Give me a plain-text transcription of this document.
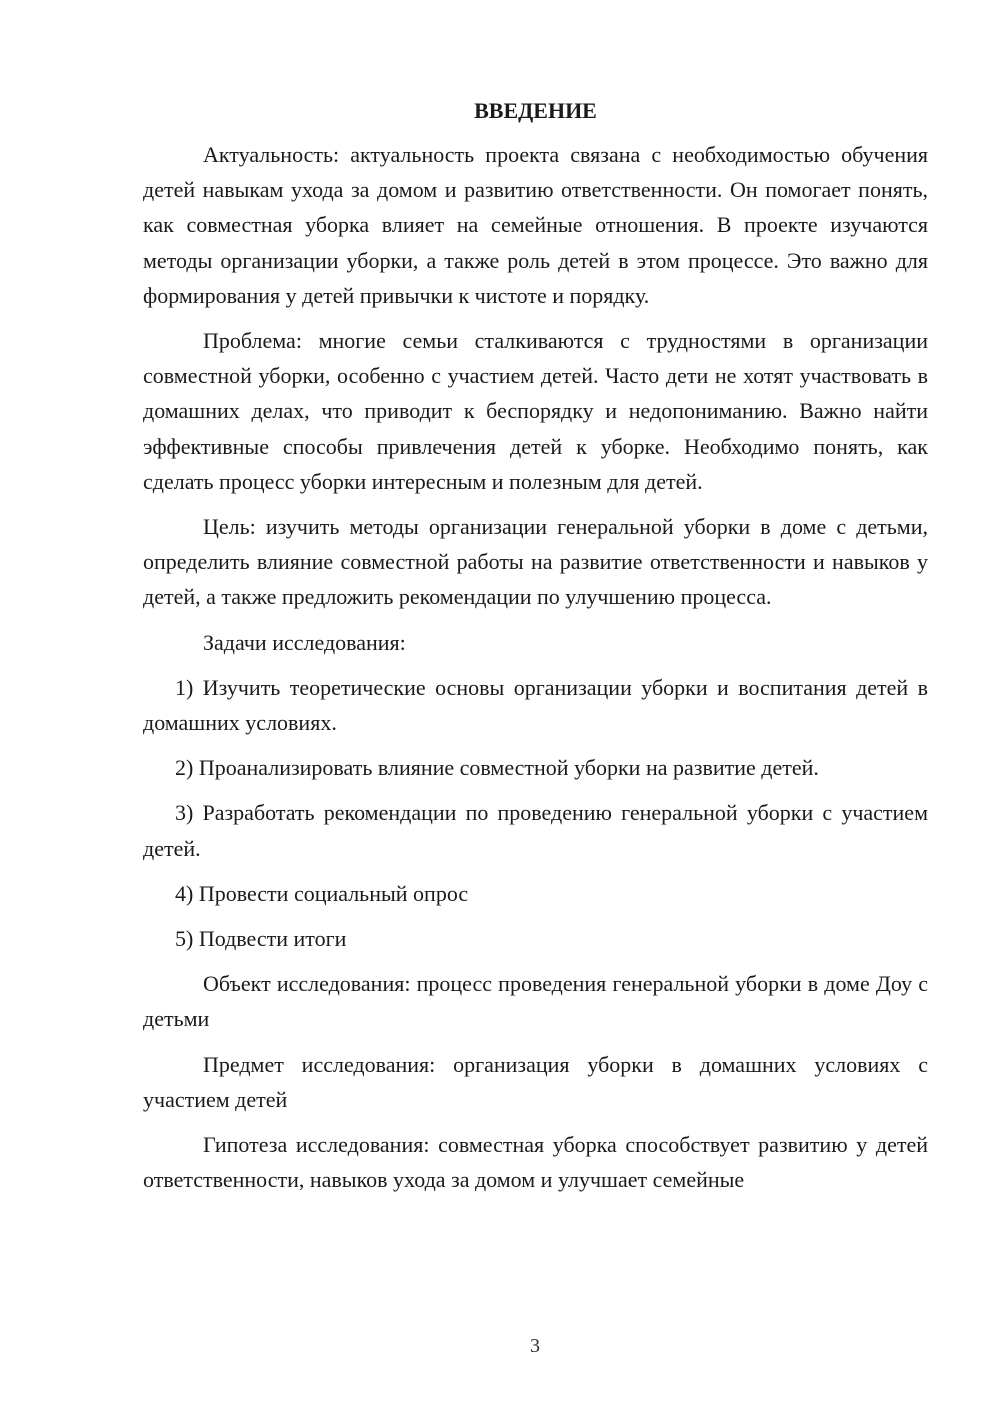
ВВЕДЕНИЕ

Актуальность: актуальность проекта связана с необходимостью обучения детей навыкам ухода за домом и развитию ответственности. Он помогает понять, как совместная уборка влияет на семейные отношения. В проекте изучаются методы организации уборки, а также роль детей в этом процессе. Это важно для формирования у детей привычки к чистоте и порядку.

Проблема: многие семьи сталкиваются с трудностями в организации совместной уборки, особенно с участием детей. Часто дети не хотят участвовать в домашних делах, что приводит к беспорядку и недопониманию. Важно найти эффективные способы привлечения детей к уборке. Необходимо понять, как сделать процесс уборки интересным и полезным для детей.

Цель: изучить методы организации генеральной уборки в доме с детьми, определить влияние совместной работы на развитие ответственности и навыков у детей, а также предложить рекомендации по улучшению процесса.

Задачи исследования:

1) Изучить теоретические основы организации уборки и воспитания детей в домашних условиях.

2) Проанализировать влияние совместной уборки на развитие детей.

3) Разработать рекомендации по проведению генеральной уборки с участием детей.

4) Провести социальный опрос

5) Подвести итоги

Объект исследования: процесс проведения генеральной уборки в доме Доу с детьми

Предмет исследования: организация уборки в домашних условиях с участием детей

Гипотеза исследования: совместная уборка способствует развитию у детей ответственности, навыков ухода за домом и улучшает семейные

3
